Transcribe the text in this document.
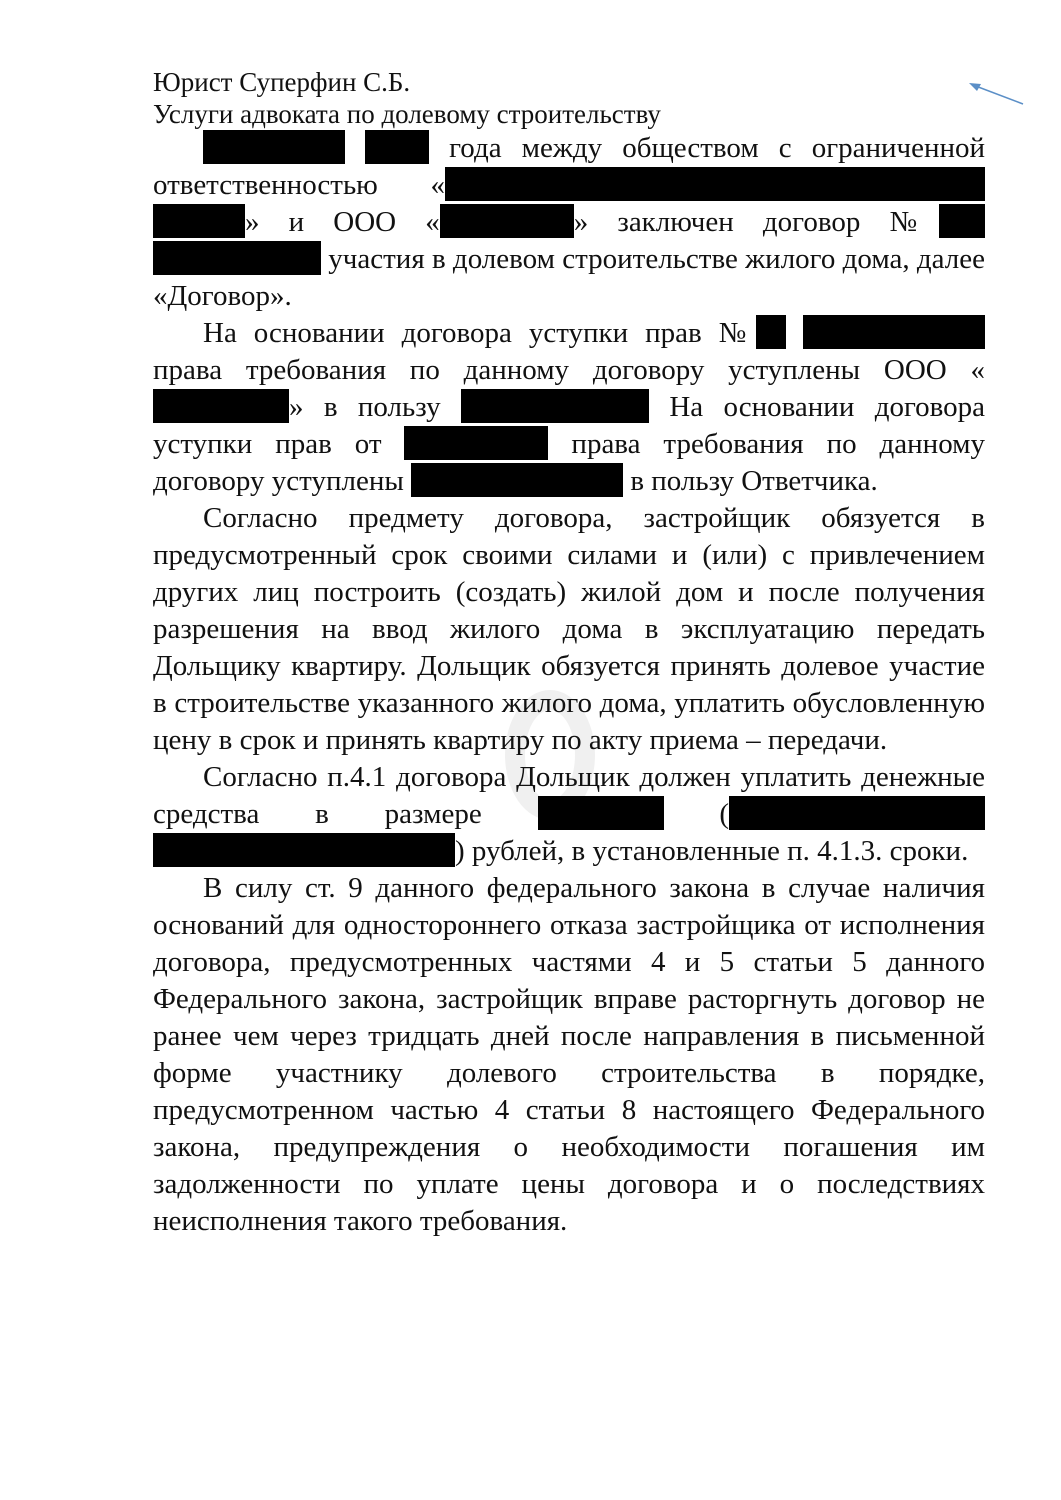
Юрист Суперфин С.Б.
Услуги адвоката по долевому строительству

года между обществом с ограниченной ответственностью « » и ООО «	» заключен договор №  участия в долевом строительстве жилого дома, далее «Договор».

На основании договора уступки прав №  права требования по данному договору уступлены ООО «» в пользу	На основании договора уступки прав от	права требования по данному договору уступлены	в пользу Ответчика.

Согласно предмету договора, застройщик обязуется в предусмотренный срок своими силами и (или) с привлечением других лиц построить (создать) жилой дом и после получения разрешения на ввод жилого дома в эксплуатацию передать Дольщику квартиру. Дольщик обязуется принять долевое участие в строительстве указанного жилого дома, уплатить обусловленную цену в срок и принять квартиру по акту приема – передачи.

Согласно п.4.1 договора Дольщик должен уплатить денежные средства в размере	( ) рублей, в установленные п. 4.1.3. сроки.

В силу ст. 9 данного федерального закона в случае наличия оснований для одностороннего отказа застройщика от исполнения договора, предусмотренных частями 4 и 5 статьи 5 данного Федерального закона, застройщик вправе расторгнуть договор не ранее чем через тридцать дней после направления в письменной форме участнику долевого строительства в порядке, предусмотренном частью 4 статьи 8 настоящего Федерального закона, предупреждения о необходимости погашения им задолженности по уплате цены договора и о последствиях неисполнения такого требования.
